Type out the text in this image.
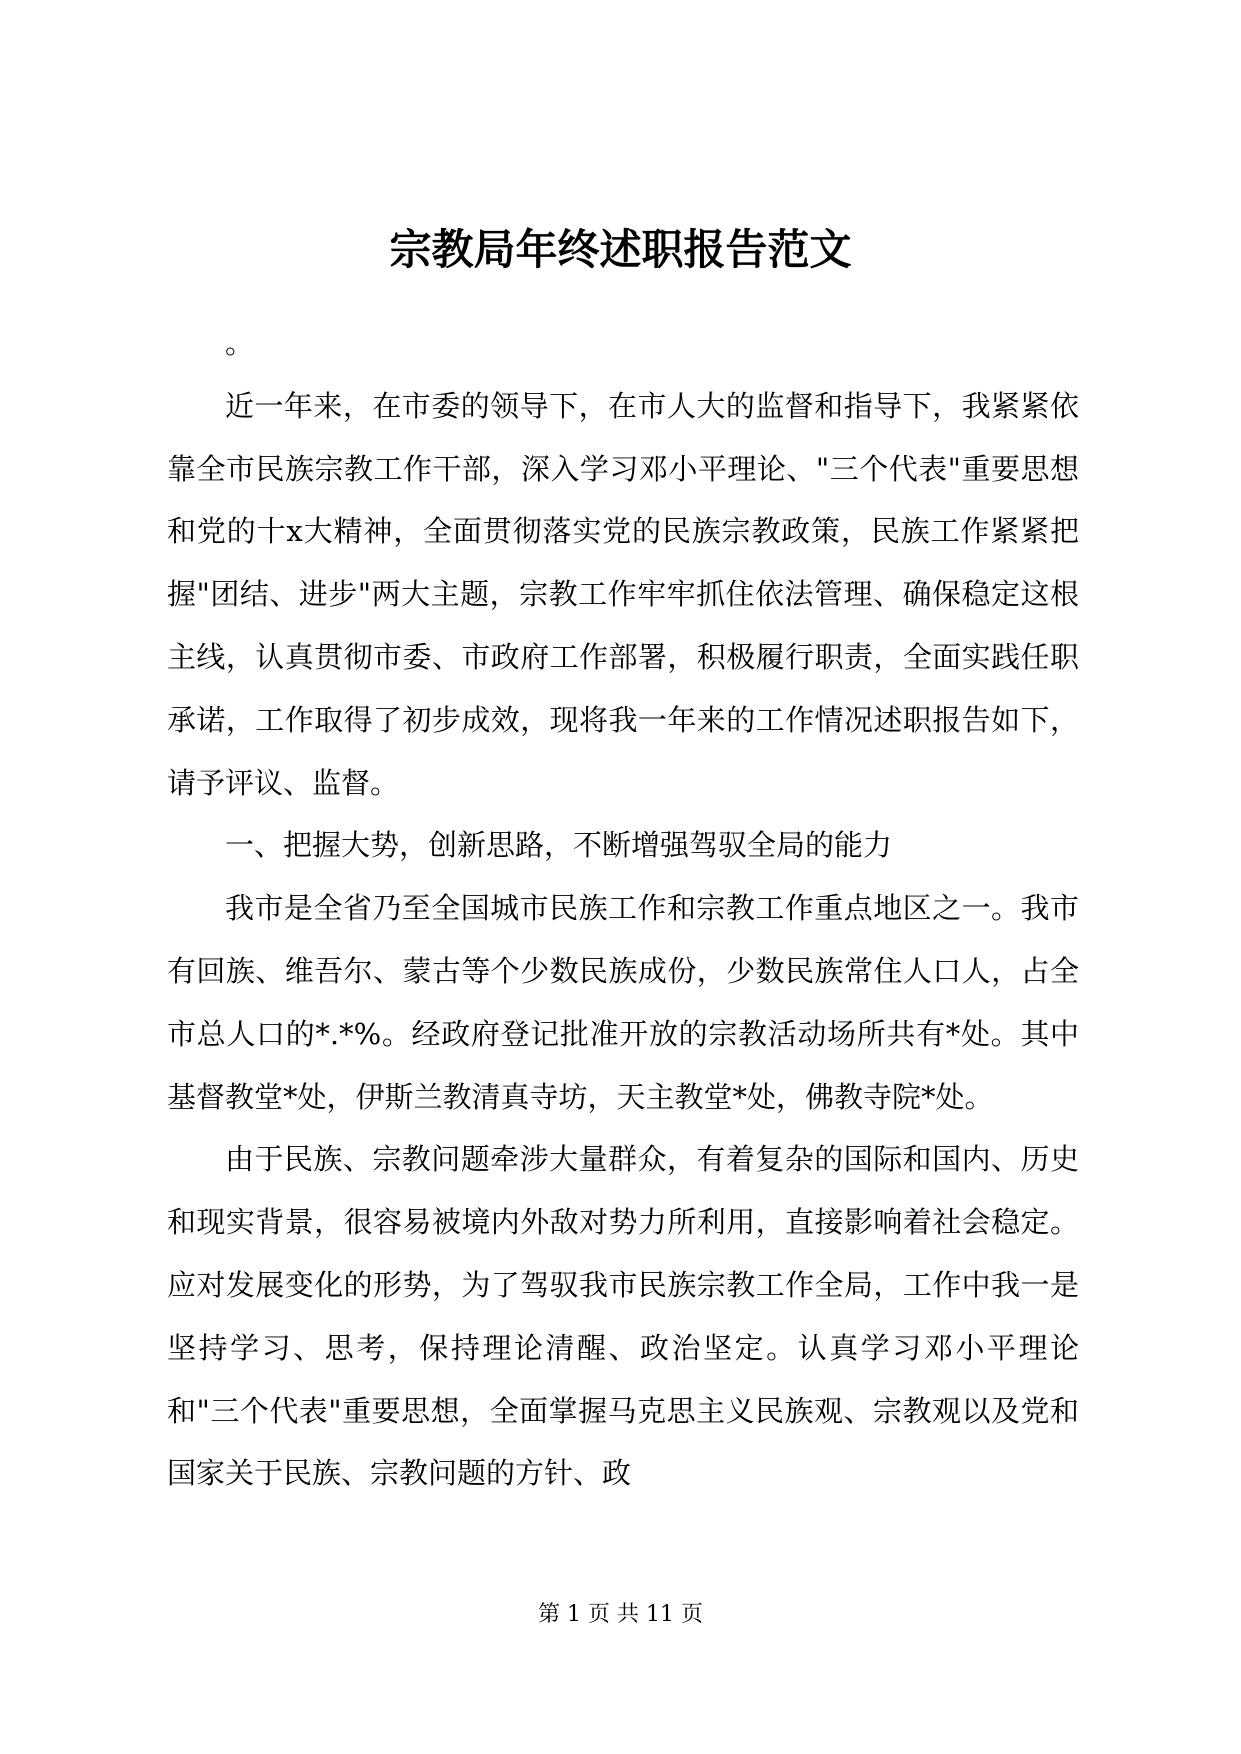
宗教局年终述职报告范文

。

近一年来，在市委的领导下，在市人大的监督和指导下，我紧紧依靠全市民族宗教工作干部，深入学习邓小平理论、"三个代表"重要思想和党的十x大精神，全面贯彻落实党的民族宗教政策，民族工作紧紧把握"团结、进步"两大主题，宗教工作牢牢抓住依法管理、确保稳定这根主线，认真贯彻市委、市政府工作部署，积极履行职责，全面实践任职承诺，工作取得了初步成效，现将我一年来的工作情况述职报告如下，请予评议、监督。

一、把握大势，创新思路，不断增强驾驭全局的能力

我市是全省乃至全国城市民族工作和宗教工作重点地区之一。我市有回族、维吾尔、蒙古等个少数民族成份，少数民族常住人口人，占全市总人口的*.*%。经政府登记批准开放的宗教活动场所共有*处。其中基督教堂*处，伊斯兰教清真寺坊，天主教堂*处，佛教寺院*处。

由于民族、宗教问题牵涉大量群众，有着复杂的国际和国内、历史和现实背景，很容易被境内外敌对势力所利用，直接影响着社会稳定。应对发展变化的形势，为了驾驭我市民族宗教工作全局，工作中我一是坚持学习、思考，保持理论清醒、政治坚定。认真学习邓小平理论和"三个代表"重要思想，全面掌握马克思主义民族观、宗教观以及党和国家关于民族、宗教问题的方针、政

第 1 页 共 11 页
